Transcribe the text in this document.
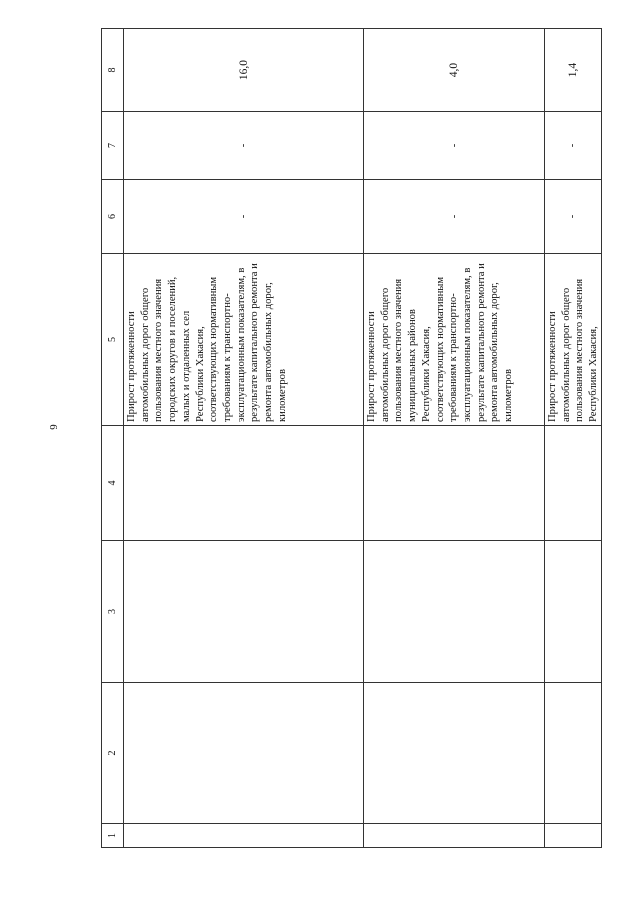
6
1	2	3	4	5	6	7	8
				Прирост протяженности автомобильных дорог общего пользования местного значения городских округов и поселений, малых и отдаленных сел Республики Хакасия, соответствующих нормативным требованиям к транспортно-эксплуатационным показателям, в результате капитального ремонта и ремонта автомобильных дорог, километров	-	-	16,0
				Прирост протяженности автомобильных дорог общего пользования местного значения муниципальных районов Республики Хакасия, соответствующих нормативным требованиям к транспортно-эксплуатационным показателям, в результате капитального ремонта и ремонта автомобильных дорог, километров	-	-	4,0
				Прирост протяженности автомобильных дорог общего пользования местного значения Республики Хакасия,	-	-	1,4
